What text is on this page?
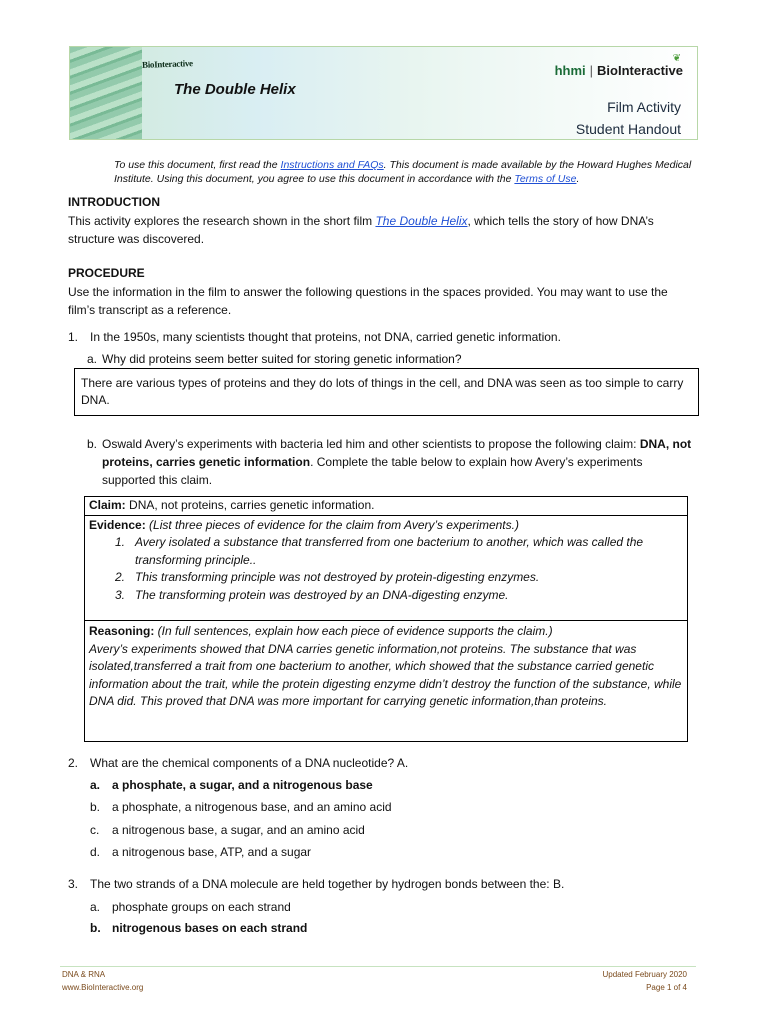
BioInteractive
The Double Helix
❦
hhmi | BioInteractive
Film Activity
Student Handout
To use this document, first read the Instructions and FAQs. This document is made available by the Howard Hughes Medical Institute. Using this document, you agree to use this document in accordance with the Terms of Use.
INTRODUCTION
This activity explores the research shown in the short film The Double Helix, which tells the story of how DNA’s structure was discovered.
PROCEDURE
Use the information in the film to answer the following questions in the spaces provided. You may want to use the film’s transcript as a reference.
1. In the 1950s, many scientists thought that proteins, not DNA, carried genetic information.
a. Why did proteins seem better suited for storing genetic information?
There are various types of proteins and they do lots of things in the cell, and DNA was seen as too simple to carry DNA.
b. Oswald Avery’s experiments with bacteria led him and other scientists to propose the following claim: DNA, not proteins, carries genetic information. Complete the table below to explain how Avery’s experiments supported this claim.
Claim: DNA, not proteins, carries genetic information.
Evidence: (List three pieces of evidence for the claim from Avery’s experiments.)
1. Avery isolated a substance that transferred from one bacterium to another, which was called the transforming principle..
2. This transforming principle was not destroyed by protein-digesting enzymes.
3. The transforming protein was destroyed by an DNA-digesting enzyme.
Reasoning: (In full sentences, explain how each piece of evidence supports the claim.)
Avery’s experiments showed that DNA carries genetic information,not proteins. The substance that was isolated,transferred a trait from one bacterium to another, which showed that the substance carried genetic information about the trait, while the protein digesting enzyme didn’t destroy the function of the substance, while DNA did. This proved that DNA was more important for carrying genetic information,than proteins.
2. What are the chemical components of a DNA nucleotide? A.
a. a phosphate, a sugar, and a nitrogenous base
b. a phosphate, a nitrogenous base, and an amino acid
c. a nitrogenous base, a sugar, and an amino acid
d. a nitrogenous base, ATP, and a sugar
3. The two strands of a DNA molecule are held together by hydrogen bonds between the: B.
a. phosphate groups on each strand
b. nitrogenous bases on each strand
DNA & RNA
www.BioInteractive.org
Updated February 2020
Page 1 of 4
